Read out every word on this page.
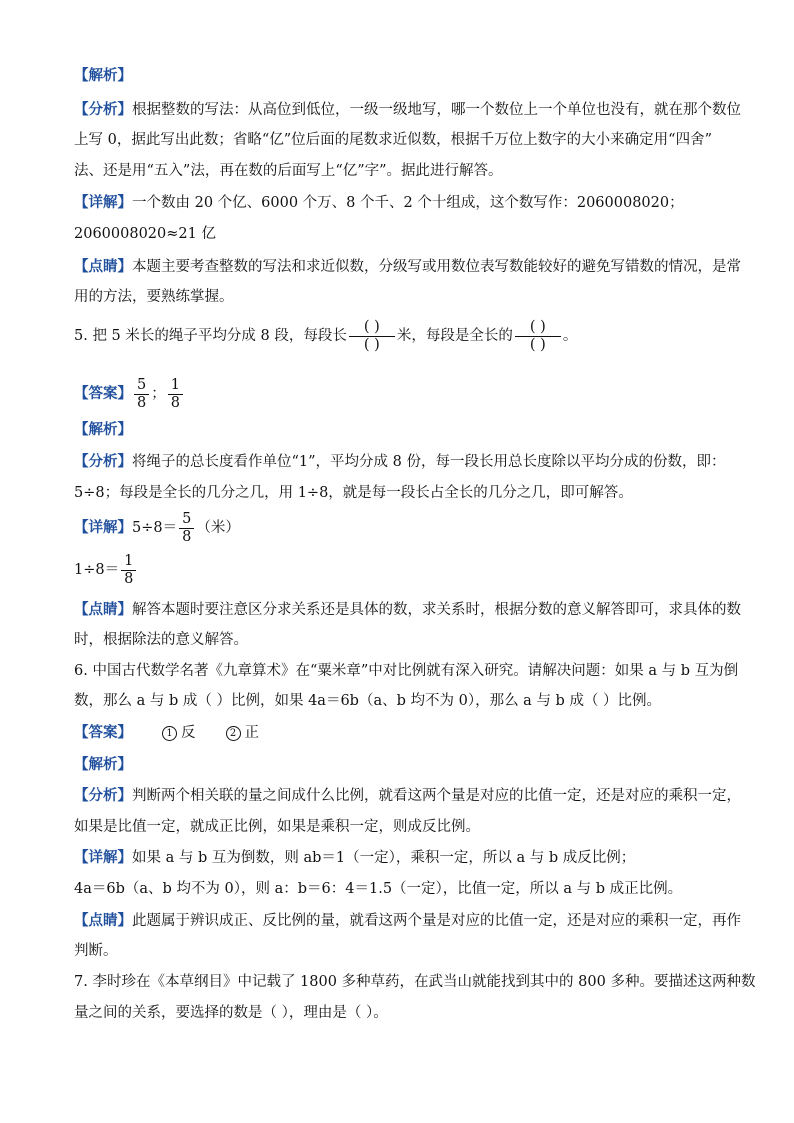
【解析】
【分析】根据整数的写法：从高位到低位，一级一级地写，哪一个数位上一个单位也没有，就在那个数位
上写 0，据此写出此数；省略“亿”位后面的尾数求近似数，根据千万位上数字的大小来确定用“四舍”
法、还是用“五入”法，再在数的后面写上“亿”字”。据此进行解答。
【详解】一个数由 20 个亿、6000 个万、8 个千、2 个十组成，这个数写作：2060008020；
2060008020≈21 亿
【点睛】本题主要考查整数的写法和求近似数，分级写或用数位表写数能较好的避免写错数的情况，是常
用的方法，要熟练掌握。
5. 把 5 米长的绳子平均分成 8 段，每段长 $\frac{( )}{( )}$ 米，每段是全长的 $\frac{( )}{( )}$ 。
【答案】 $\frac{5}{8}$ ； $\frac{1}{8}$
【解析】
【分析】将绳子的总长度看作单位“1”，平均分成 8 份，每一段长用总长度除以平均分成的份数，即：
5÷8；每段是全长的几分之几，用 1÷8，就是每一段长占全长的几分之几，即可解答。
【详解】$5\div 8= \frac{5}{8}$ （米）
$1\div 8= \frac{1}{8}$
【点睛】解答本题时要注意区分求关系还是具体的数，求关系时，根据分数的意义解答即可，求具体的数
时，根据除法的意义解答。
6. 中国古代数学名著《九章算术》在“粟米章”中对比例就有深入研究。请解决问题：如果 a 与 b 互为倒
数，那么 a 与 b 成（ ）比例，如果 4a＝6b（a、b 均不为 0），那么 a 与 b 成（ ）比例。
【答案】	1 反	2 正
【解析】
【分析】判断两个相关联的量之间成什么比例，就看这两个量是对应的比值一定，还是对应的乘积一定，
如果是比值一定，就成正比例，如果是乘积一定，则成反比例。
【详解】如果 a 与 b 互为倒数，则 ab＝1（一定），乘积一定，所以 a 与 b 成反比例；
4a＝6b（a、b 均不为 0），则 a：b＝6：4＝1.5（一定），比值一定，所以 a 与 b 成正比例。
【点睛】此题属于辨识成正、反比例的量，就看这两个量是对应的比值一定，还是对应的乘积一定，再作
判断。
7. 李时珍在《本草纲目》中记载了 1800 多种草药，在武当山就能找到其中的 800 多种。要描述这两种数
量之间的关系，要选择的数是（ ），理由是（ ）。
